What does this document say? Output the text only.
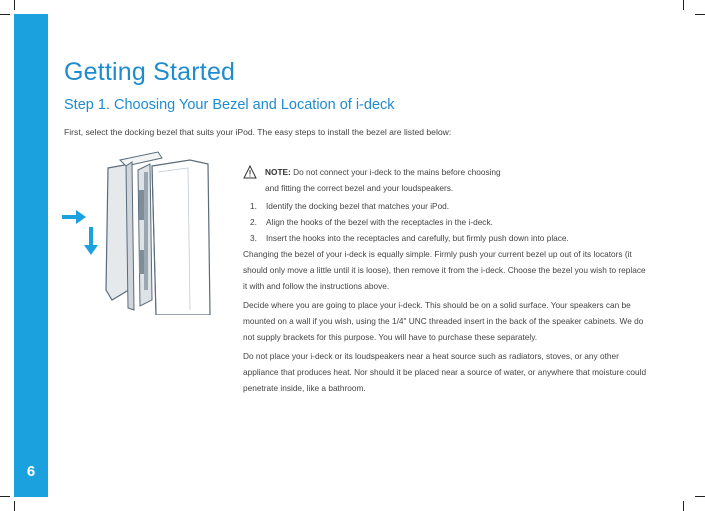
6
Getting Started
Step 1. Choosing Your Bezel and Location of i-deck
First, select the docking bezel that suits your iPod. The easy steps to install the bezel are listed below:
NOTE: Do not connect your i-deck to the mains before choosing
and fitting the correct bezel and your loudspeakers.
1. Identify the docking bezel that matches your iPod.
2. Align the hooks of the bezel with the receptacles in the i-deck.
3. Insert the hooks into the receptacles and carefully, but firmly push down into place.

Changing the bezel of your i-deck is equally simple. Firmly push your current bezel up out of its locators (it should only move a little until it is loose), then remove it from the i-deck. Choose the bezel you wish to replace it with and follow the instructions above.

Decide where you are going to place your i-deck. This should be on a solid surface. Your speakers can be mounted on a wall if you wish, using the 1/4" UNC threaded insert in the back of the speaker cabinets. We do not supply brackets for this purpose. You will have to purchase these separately.

Do not place your i-deck or its loudspeakers near a heat source such as radiators, stoves, or any other appliance that produces heat. Nor should it be placed near a source of water, or anywhere that moisture could penetrate inside, like a bathroom.
